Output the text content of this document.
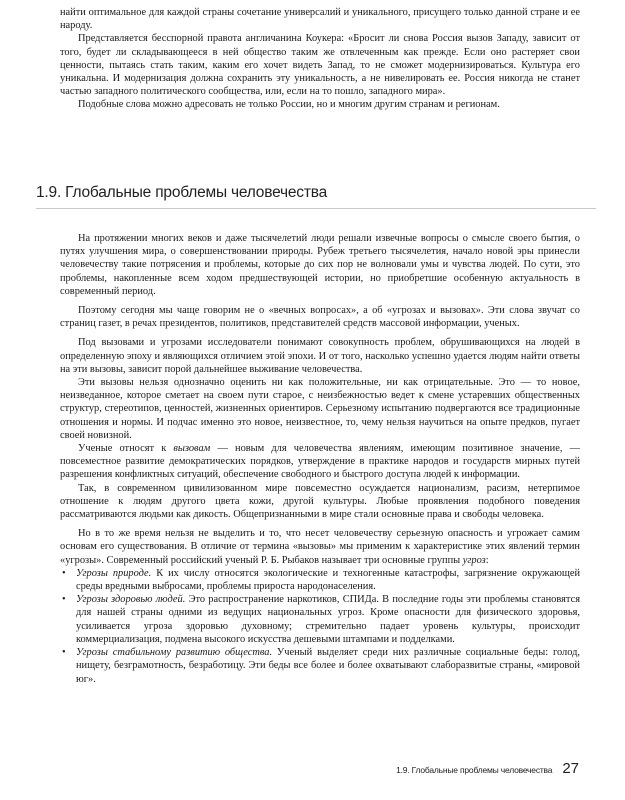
найти оптимальное для каждой страны сочетание универсалий и уникального, присущего только данной стране и ее народу.

Представляется бесспорной правота англичанина Коукера: «Бросит ли снова Россия вызов Западу, зависит от того, будет ли складывающееся в ней общество таким же отвлеченным как прежде. Если оно растеряет свои ценности, пытаясь стать таким, каким его хочет видеть Запад, то не сможет модернизироваться. Культура его уникальна. И модернизация должна сохранить эту уникальность, а не нивелировать ее. Россия никогда не станет частью западного политического сообщества, или, если на то пошло, западного мира».

Подобные слова можно адресовать не только России, но и многим другим странам и регионам.

1.9. Глобальные проблемы человечества

На протяжении многих веков и даже тысячелетий люди решали извечные вопросы о смысле своего бытия, о путях улучшения мира, о совершенствовании природы. Рубеж третьего тысячелетия, начало новой эры принесли человечеству такие потрясения и проблемы, которые до сих пор не волновали умы и чувства людей. По сути, это проблемы, накопленные всем ходом предшествующей истории, но приобретшие особенную актуальность в современный период.

Поэтому сегодня мы чаще говорим не о «вечных вопросах», а об «угрозах и вызовах». Эти слова звучат со страниц газет, в речах президентов, политиков, представителей средств массовой информации, ученых.

Под вызовами и угрозами исследователи понимают совокупность проблем, обрушивающихся на людей в определенную эпоху и являющихся отличием этой эпохи. И от того, насколько успешно удается людям найти ответы на эти вызовы, зависит порой дальнейшее выживание человечества.

Эти вызовы нельзя однозначно оценить ни как положительные, ни как отрицательные. Это — то новое, неизведанное, которое сметает на своем пути старое, с неизбежностью ведет к смене устаревших общественных структур, стереотипов, ценностей, жизненных ориентиров. Серьезному испытанию подвергаются все традиционные отношения и нормы. И подчас именно это новое, неизвестное, то, чему нельзя научиться на опыте предков, пугает своей новизной.

Ученые относят к вызовам — новым для человечества явлениям, имеющим позитивное значение, — повсеместное развитие демократических порядков, утверждение в практике народов и государств мирных путей разрешения конфликтных ситуаций, обеспечение свободного и быстрого доступа людей к информации.

Так, в современном цивилизованном мире повсеместно осуждается национализм, расизм, нетерпимое отношение к людям другого цвета кожи, другой культуры. Любые проявления подобного поведения рассматриваются людьми как дикость. Общепризнанными в мире стали основные права и свободы человека.

Но в то же время нельзя не выделить и то, что несет человечеству серьезную опасность и угрожает самим основам его существования. В отличие от термина «вызовы» мы применим к характеристике этих явлений термин «угрозы». Современный российский ученый Р. Б. Рыбаков называет три основные группы угроз:

• Угрозы природе. К их числу относятся экологические и техногенные катастрофы, загрязнение окружающей среды вредными выбросами, проблемы прироста народонаселения.
• Угрозы здоровью людей. Это распространение наркотиков, СПИДа. В последние годы эти проблемы становятся для нашей страны одними из ведущих национальных угроз. Кроме опасности для физического здоровья, усиливается угроза здоровью духовному; стремительно падает уровень культуры, происходит коммерциализация, подмена высокого искусства дешевыми штампами и подделками.
• Угрозы стабильному развитию общества. Ученый выделяет среди них различные социальные беды: голод, нищету, безграмотность, безработицу. Эти беды все более и более охватывают слаборазвитые страны, «мировой юг».
1.9. Глобальные проблемы человечества 27
